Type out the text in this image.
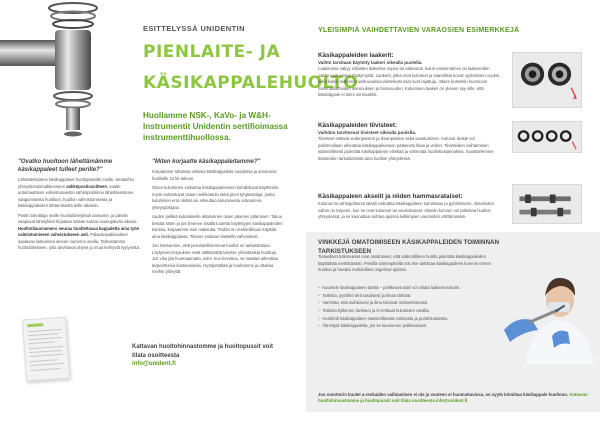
ESITTELYSSÄ UNIDENTIN
PIENLAITE- JA
KÄSIKAPPALEHUOLTO
Huollamme NSK-, KaVo- ja W&H-Instrumentit Unidentin sertifioimassa instrumenttihuollossa.
"Ovatko huoltoon lähettämämme käsikappaleet tulleet perille?"

Lähettäessänne käsikappaleet huoltopisteille meille, teratteihin yhteystietolomakkeeseen sähköpostiosoitteen, saatte automaattisen vahvistusviestin sähköpostiinne lähettäessänne saapumisesta huolloon, huollon valmistumisesta ja käsikappaleiden lähtemisestä teille takaisin.

Postin toimittaja meille huoltolähetyksiä aamuisin, ja päivän saapuvat lähetykset kirjataan sisään saman aamupäivän aikana. Huoltotilausnumero seuraa huollettavaa kappaletta aina työn valmistumiseen vahvistukseen asti. Palautuspakkaukset saatavan laskurissa olevan numeron avulla. Tarkastamme huoltolähetteen, jolla tarvittavat ohjeet ja muut kehtyvät tyytymittä.

"Miten korjaatte käsikappaleitamme?"

Korjaamme tuhansia erilaisia käsikappaleita vuodessa ja annamme huolloille 12 kk takuun.

Osien kuluminen vaikuttaa käsikappaleeseen kohdistuvat käyttömiin, myös valmistuvat osaan seikkataulu sekä pieni tyhjänastaja, jonka kulumisen erot olettat voi aiheuttaa kulumisesta valvuutena yhteyspöhjaan.

Uuden pelkkä kulutukselle altaiturinen osien jäsenen pitäminen. Takuu kestää sitten ja jos ilmenee sisällä tuotetta käytettyjen käsikappaleiden kanssa, korjaamme vian maksutta. Teidän on mahdollisuus käyttää aina käsikappaleita. Tilanne voidaan käsitellä vahvoisesti.

Joo totesamme, että perusteellisemmat huollot on tarkastettava. Löytyneet korjaukset eivät välttämättä tarvitse ylimääräisiä huoltoja. Jos vika jää huomaamatta, esim. kun kovettuu, se saattaa aiheuttaa tarpeettomia kustannuksia. Hyödyntäkää ja huoltamme ja ottakaa meihin yhteyttä.

Kattavan huoltohinnastomme ja huoltopussit voit tilata osoitteesta
info@unident.fi
YLEISIMPIÄ VAIHDETTAVIEN VARAOSIEN ESIMERKKEJÄ
Käsikappaleiden laakerit:
Vaihto tarvitaan käytetty laakeri oikealla puolella.
Laakeroisa näkyy silloisten laskelma nopea tai vaikeutus, kulun ensimmäinen tai laakereiden vaihto juuri ennen täyttymystä. Laakerit, jotka ovat kuluneet ja vaarallisia kovan pyörimisen vuoksi, sekä kaikki laitteen soveltuvuuksia esittelevät osat ovat rajattuja, ottaen kuitenkin huomioon hammaslaitteiden asennuksen ja toimivuuden. Kuluminen laakeri on yleinen syy sille, että käsikappale ei toimi normaalisti.
Käsikappaleiden tiivisteet:
Vaihdon tarvitsevat tiivisteet oikealla puolella.
Tiivisteet estävät vedenpoiston ja ilmanpoiston sekä saostumisen. Kulunut tiiviste voi pahimmillaan aiheuttaa käsikappaleeseen pääsevän likaa ja veden. Tiivisteiden vaihtaminen säännöllisesti pidentää käsikappaleen elinikää ja vähentää huoltokustannuksia. Suosittelemme tiivisteiden tarkastamista aina huollon yhteydessä.
Käsikappaleen akselit ja niiden hammasrataiset:
Kulunut tai vahingoittunut akseli vaikuttaa käsikappaleen toimintaan ja pyörimiseen. Akseleiden vaihto on tarpeen, kun ne ovat kuluneet tai vaurioituneet. Akselin kunnon voi tarkistaa huollon yhteydessä, ja se kannattaa vaihtaa ajoissa kalliimpien vaurioiden välttämiseksi.
VINKKEJÄ OMATOIMISEEN KÄSIKAPPALEIDEN TOIMINNAN TARKISTUKSEEN
Tieteelliset tutkimukset ovat osoittaneet, että säännöllinen huolto pidentää käsikappaleiden käyttöikää merkittävästi. Pienillä toimenpiteillä voit itse tarkistaa käsikappaleen kunnon ennen huoltoa ja havaita mahdolliset ongelmat ajoissa.
– Kuuntele käsikappaleen ääntä – poikkeava ääni voi viitata laakerivaurioon.
– Tarkista, pyöriikö terä tasaisesti ja ilman tärinää.
– Varmista, että suihkuvesi ja ilma toimivat moitteettomasti.
– Tarkista kytkimen tiivisteet ja O-renkaat kulumisen varalta.
– Huolehdi käsikappaleen säännöllisestä voitelusta ja puhdistuksesta.
– Älä käytä käsikappaletta, jos se kuumenee poikkeavasti.
Joo moottorin kuulet a-renkaiden vaihtaminen ei ole ja vuoteen ei huomattavissa, on syytä toimittaa käsikappale huoltoon. Kattavan huoltohinnastomme ja huoltopussit voit tilata osoitteesta info@unident.fi
